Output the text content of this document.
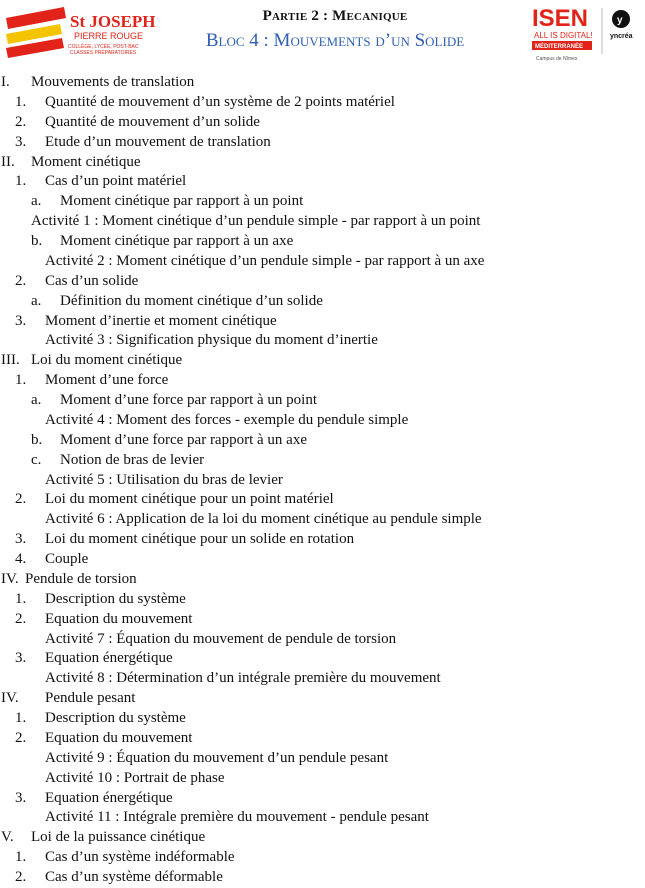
St JOSEPH
PIERRE ROUGE
COLLÈGE, LYCÉE, POST-BAC
CLASSES PRÉPARATOIRES
Partie 2 : Mecanique
Bloc 4 : Mouvements d’un Solide
ISEN
ALL IS DIGITAL!
MÉDITERRANÉE
Campus de Nîmes
y
yncréa
I. Mouvements de translation
1. Quantité de mouvement d’un système de 2 points matériel
2. Quantité de mouvement d’un solide
3. Etude d’un mouvement de translation
II. Moment cinétique
1. Cas d’un point matériel
a. Moment cinétique par rapport à un point
Activité 1 : Moment cinétique d’un pendule simple - par rapport à un point
b. Moment cinétique par rapport à un axe
Activité 2 : Moment cinétique d’un pendule simple - par rapport à un axe
2. Cas d’un solide
a. Définition du moment cinétique d’un solide
3. Moment d’inertie et moment cinétique
Activité 3 : Signification physique du moment d’inertie
III. Loi du moment cinétique
1. Moment d’une force
a. Moment d’une force par rapport à un point
Activité 4 : Moment des forces - exemple du pendule simple
b. Moment d’une force par rapport à un axe
c. Notion de bras de levier
Activité 5 : Utilisation du bras de levier
2. Loi du moment cinétique pour un point matériel
Activité 6 : Application de la loi du moment cinétique au pendule simple
3. Loi du moment cinétique pour un solide en rotation
4. Couple
IV. Pendule de torsion
1. Description du système
2. Equation du mouvement
Activité 7 : Équation du mouvement de pendule de torsion
3. Equation énergétique
Activité 8 : Détermination d’un intégrale première du mouvement
IV. Pendule pesant
1. Description du système
2. Equation du mouvement
Activité 9 : Équation du mouvement d’un pendule pesant
Activité 10 : Portrait de phase
3. Equation énergétique
Activité 11 : Intégrale première du mouvement - pendule pesant
V. Loi de la puissance cinétique
1. Cas d’un système indéformable
2. Cas d’un système déformable
